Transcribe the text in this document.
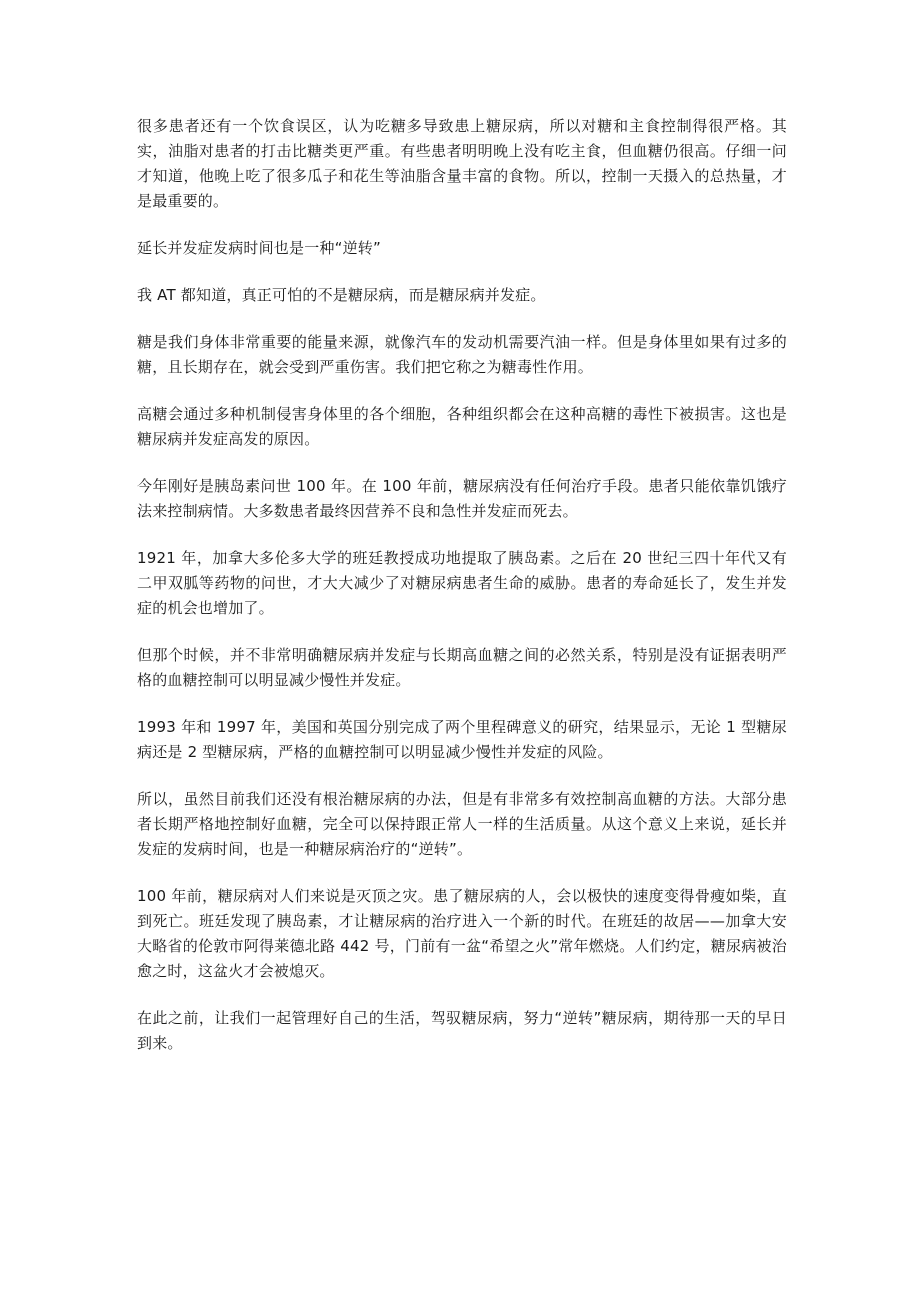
很多患者还有一个饮食误区，认为吃糖多导致患上糖尿病，所以对糖和主食控制得很严格。其实，油脂对患者的打击比糖类更严重。有些患者明明晚上没有吃主食，但血糖仍很高。仔细一问才知道，他晚上吃了很多瓜子和花生等油脂含量丰富的食物。所以，控制一天摄入的总热量，才是最重要的。

延长并发症发病时间也是一种“逆转”

我 AT 都知道，真正可怕的不是糖尿病，而是糖尿病并发症。

糖是我们身体非常重要的能量来源，就像汽车的发动机需要汽油一样。但是身体里如果有过多的糖，且长期存在，就会受到严重伤害。我们把它称之为糖毒性作用。

高糖会通过多种机制侵害身体里的各个细胞，各种组织都会在这种高糖的毒性下被损害。这也是糖尿病并发症高发的原因。

今年刚好是胰岛素问世 100 年。在 100 年前，糖尿病没有任何治疗手段。患者只能依靠饥饿疗法来控制病情。大多数患者最终因营养不良和急性并发症而死去。

1921 年，加拿大多伦多大学的班廷教授成功地提取了胰岛素。之后在 20 世纪三四十年代又有二甲双胍等药物的问世，才大大减少了对糖尿病患者生命的威胁。患者的寿命延长了，发生并发症的机会也增加了。

但那个时候，并不非常明确糖尿病并发症与长期高血糖之间的必然关系，特别是没有证据表明严格的血糖控制可以明显减少慢性并发症。

1993 年和 1997 年，美国和英国分别完成了两个里程碑意义的研究，结果显示，无论 1 型糖尿病还是 2 型糖尿病，严格的血糖控制可以明显减少慢性并发症的风险。

所以，虽然目前我们还没有根治糖尿病的办法，但是有非常多有效控制高血糖的方法。大部分患者长期严格地控制好血糖，完全可以保持跟正常人一样的生活质量。从这个意义上来说，延长并发症的发病时间，也是一种糖尿病治疗的“逆转”。

100 年前，糖尿病对人们来说是灭顶之灾。患了糖尿病的人，会以极快的速度变得骨瘦如柴，直到死亡。班廷发现了胰岛素，才让糖尿病的治疗进入一个新的时代。在班廷的故居——加拿大安大略省的伦敦市阿得莱德北路 442 号，门前有一盆“希望之火”常年燃烧。人们约定，糖尿病被治愈之时，这盆火才会被熄灭。

在此之前，让我们一起管理好自己的生活，驾驭糖尿病，努力“逆转”糖尿病，期待那一天的早日到来。
